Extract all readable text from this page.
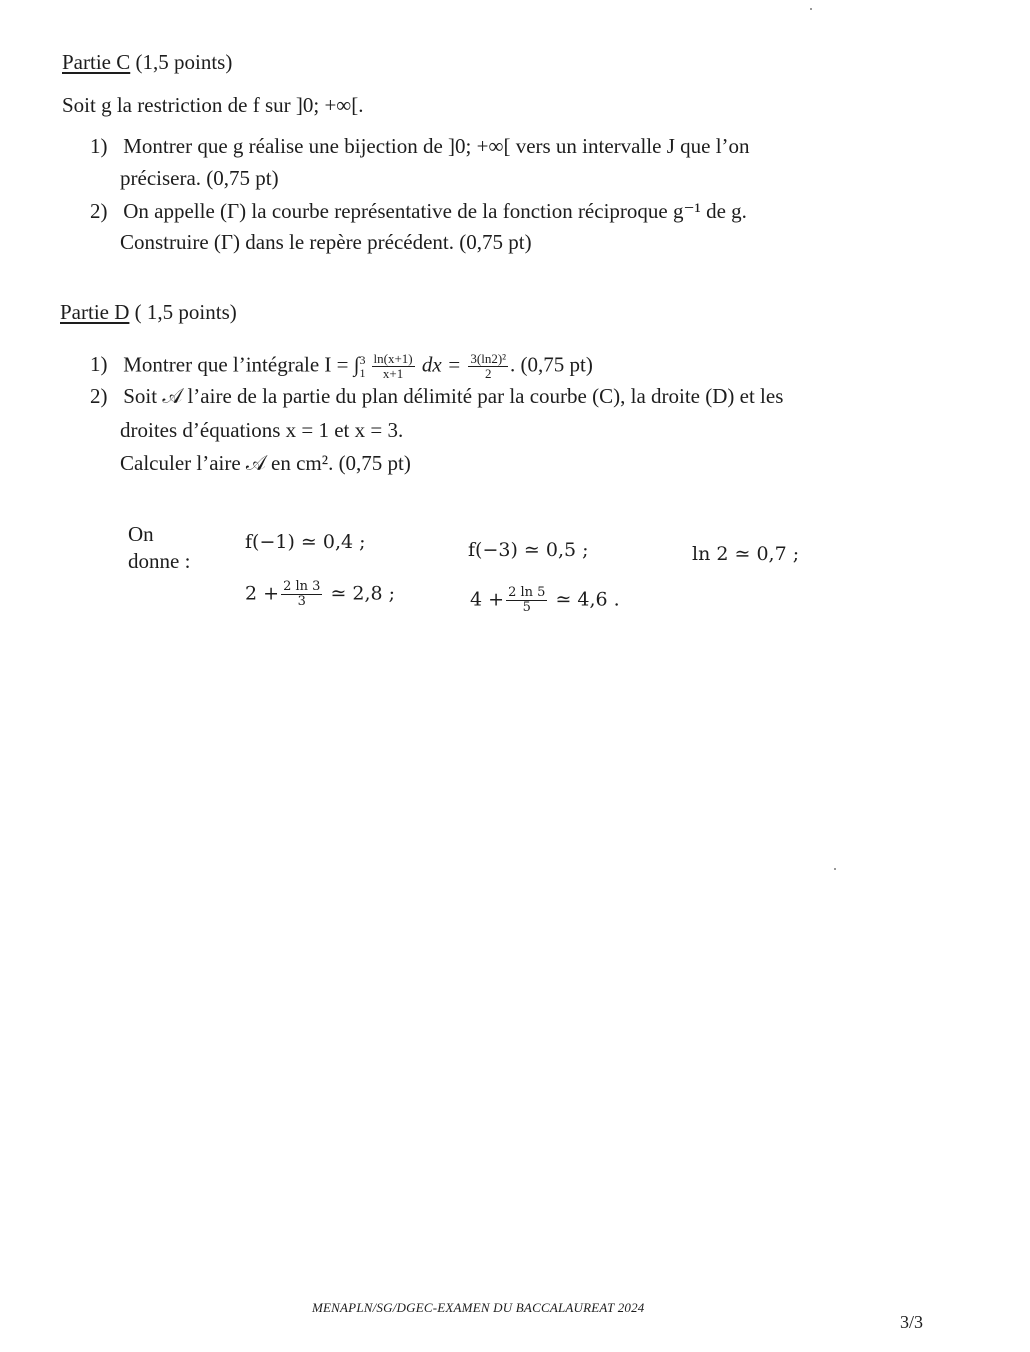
Partie C (1,5 points)
Soit g la restriction de f sur ]0; +∞[.
1) Montrer que g réalise une bijection de ]0; +∞[ vers un intervalle J que l’on
précisera. (0,75 pt)
2) On appelle (Γ) la courbe représentative de la fonction réciproque g⁻¹ de g.
Construire (Γ) dans le repère précédent. (0,75 pt)
Partie D ( 1,5 points)
1) Montrer que l’intégrale I = ∫ 3
$1 \frac{\ln(x+1)}{x+1}$ dx = $\frac{\text{3(ln2)²}}{2}$ . (0,75 pt)
2) Soit 𝒜 l’aire de la partie du plan délimité par la courbe (C), la droite (D) et les
droites d’équations x = 1 et x = 3.
Calculer l’aire 𝒜 en cm². (0,75 pt)
On
donne :
f(−1) ≃ 0,4 ;	f(−3) ≃ 0,5 ;	ln 2 ≃ 0,7 ;
$2 + \frac{2 \ln 3}{3}$ ≃ 2,8 ;	$4 + \frac{2 \ln 5}{5}$ ≃ 4,6 .
MENAPLN/SG/DGEC-EXAMEN DU BACCALAUREAT 2024
3/3
